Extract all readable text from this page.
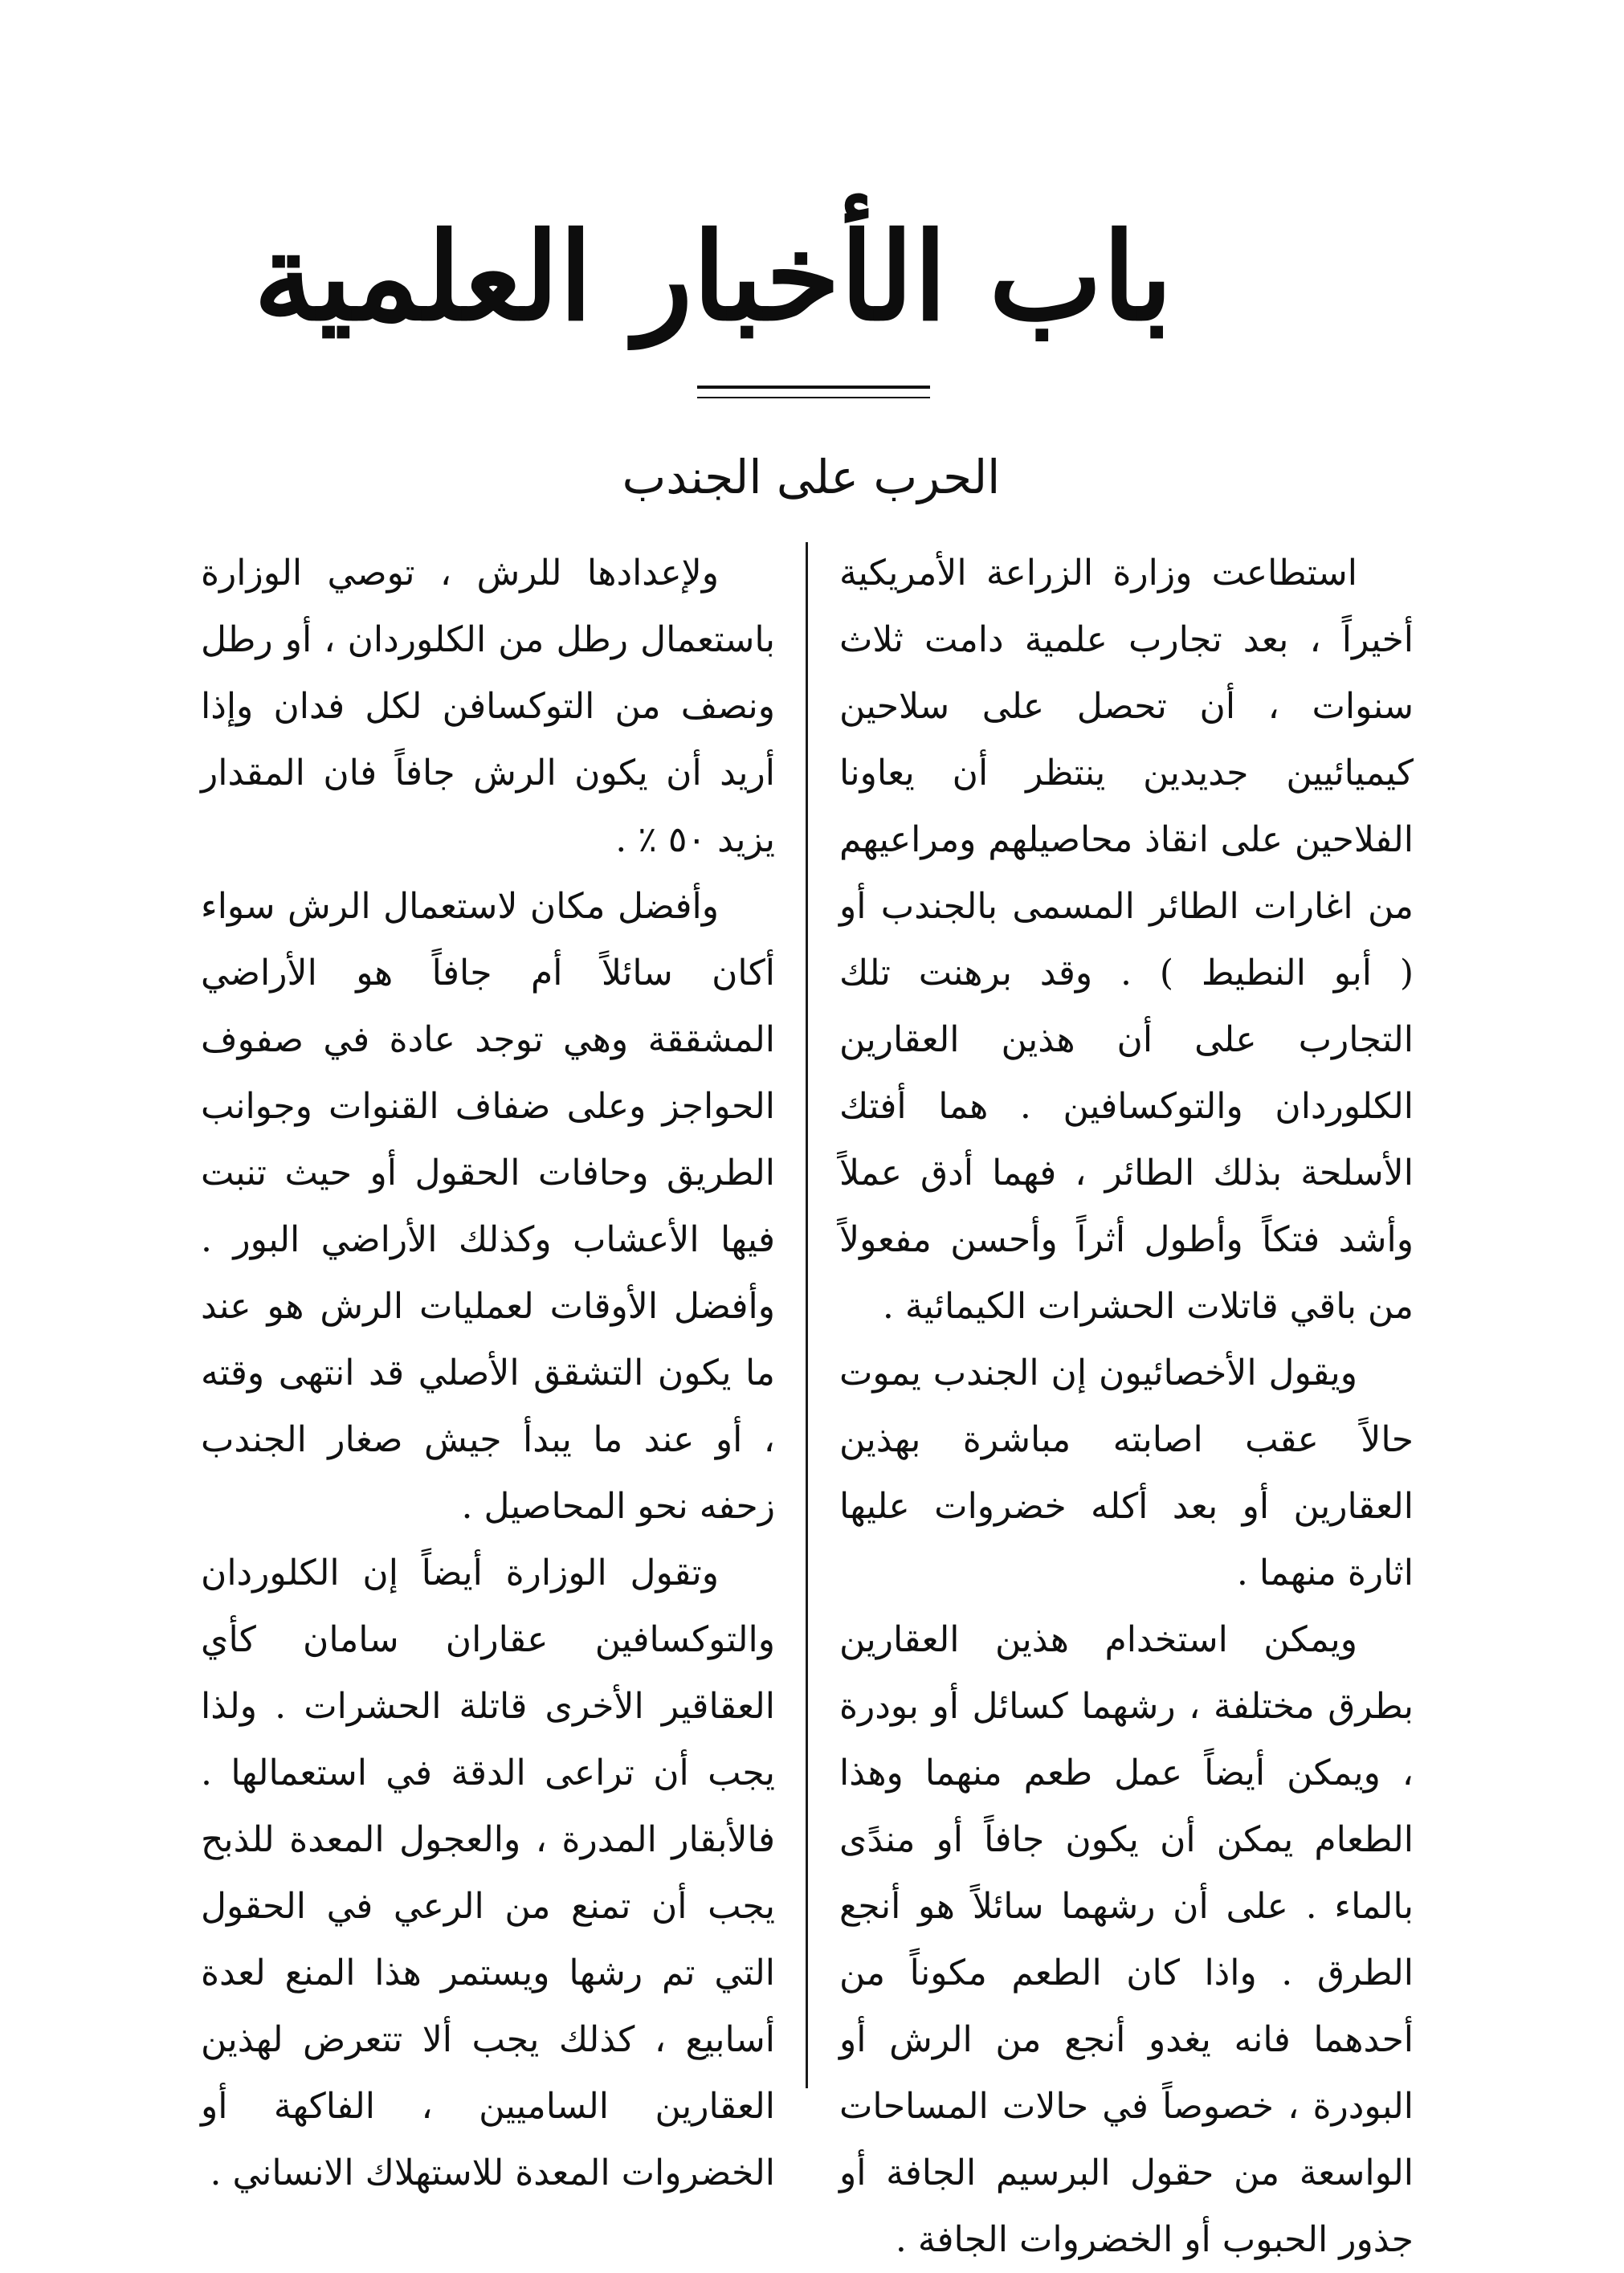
باب الأخبار العلمية
الحرب على الجندب

استطاعت وزارة الزراعة الأمريكية أخيراً ، بعد تجارب علمية دامت ثلاث سنوات ، أن تحصل على سلاحين كيميائيين جديدين ينتظر أن يعاونا الفلاحين على انقاذ محاصيلهم ومراعيهم من اغارات الطائر المسمى بالجندب أو ( أبو النطيط ) . وقد برهنت تلك التجارب على أن هذين العقارين الكلوردان والتوكسافين . هما أفتك الأسلحة بذلك الطائر ، فهما أدق عملاً وأشد فتكاً وأطول أثراً وأحسن مفعولاً من باقي قاتلات الحشرات الكيمائية .

ويقول الأخصائيون إن الجندب يموت حالاً عقب اصابته مباشرة بهذين العقارين أو بعد أكله خضروات عليها اثارة منهما .

ويمكن استخدام هذين العقارين بطرق مختلفة ، رشهما كسائل أو بودرة ، ويمكن أيضاً عمل طعم منهما وهذا الطعام يمكن أن يكون جافاً أو مندًى بالماء . على أن رشهما سائلاً هو أنجع الطرق . واذا كان الطعم مكوناً من أحدهما فانه يغدو أنجع من الرش أو البودرة ، خصوصاً في حالات المساحات الواسعة من حقول البرسيم الجافة أو جذور الحبوب أو الخضروات الجافة .

ولإعدادها للرش ، توصي الوزارة باستعمال رطل من الكلوردان ، أو رطل ونصف من التوكسافن لكل فدان وإذا أريد أن يكون الرش جافاً فان المقدار يزيد ٥٠ ٪ .

وأفضل مكان لاستعمال الرش سواء أكان سائلاً أم جافاً هو الأراضي المشققة وهي توجد عادة في صفوف الحواجز وعلى ضفاف القنوات وجوانب الطريق وحافات الحقول أو حيث تنبت فيها الأعشاب وكذلك الأراضي البور . وأفضل الأوقات لعمليات الرش هو عند ما يكون التشقق الأصلي قد انتهى وقته ، أو عند ما يبدأ جيش صغار الجندب زحفه نحو المحاصيل .

وتقول الوزارة أيضاً إن الكلوردان والتوكسافين عقاران سامان كأي العقاقير الأخرى قاتلة الحشرات . ولذا يجب أن تراعى الدقة في استعمالها . فالأبقار المدرة ، والعجول المعدة للذبح يجب أن تمنع من الرعي في الحقول التي تم رشها ويستمر هذا المنع لعدة أسابيع ، كذلك يجب ألا تتعرض لهذين العقارين الساميين ، الفاكهة أو الخضروات المعدة للاستهلاك الانساني .
